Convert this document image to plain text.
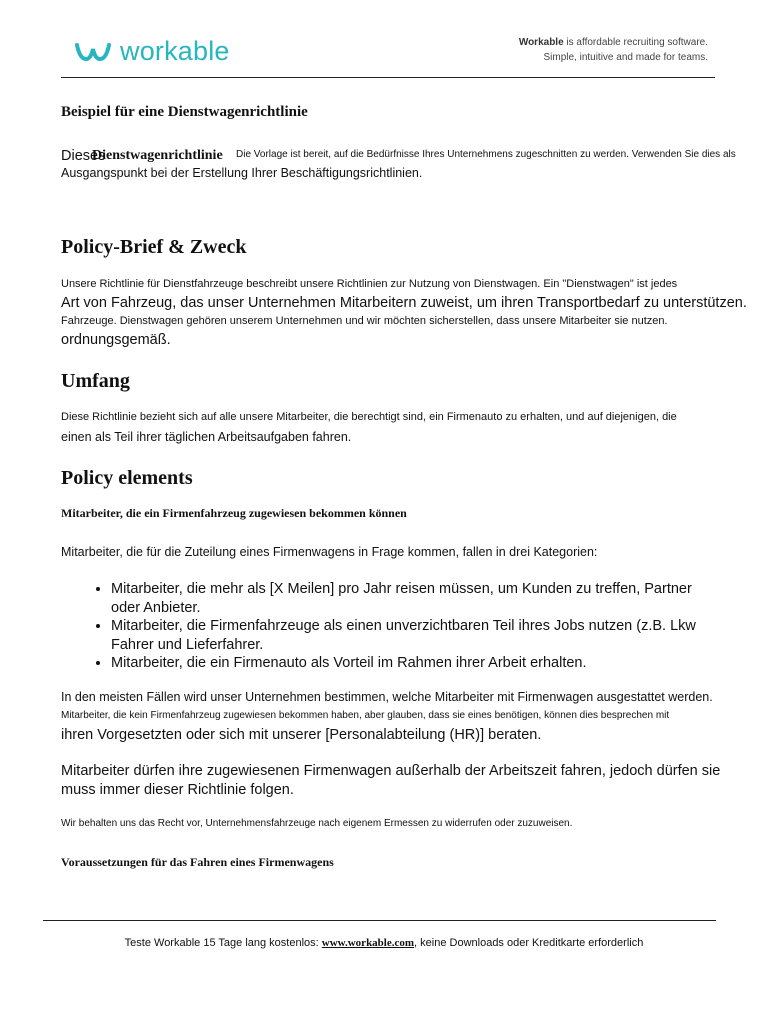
workable	Workable is affordable recruiting software.
Simple, intuitive and made for teams.
Beispiel für eine Dienstwagenrichtlinie
Dieses
Dienstwagenrichtlinie Die Vorlage ist bereit, auf die Bedürfnisse Ihres Unternehmens zugeschnitten zu werden. Verwenden Sie dies als
Ausgangspunkt bei der Erstellung Ihrer Beschäftigungsrichtlinien.
Policy-Brief & Zweck
Unsere Richtlinie für Dienstfahrzeuge beschreibt unsere Richtlinien zur Nutzung von Dienstwagen. Ein "Dienstwagen" ist jedes
Art von Fahrzeug, das unser Unternehmen Mitarbeitern zuweist, um ihren Transportbedarf zu unterstützen.
Fahrzeuge. Dienstwagen gehören unserem Unternehmen und wir möchten sicherstellen, dass unsere Mitarbeiter sie nutzen.
ordnungsgemäß.
Umfang
Diese Richtlinie bezieht sich auf alle unsere Mitarbeiter, die berechtigt sind, ein Firmenauto zu erhalten, und auf diejenigen, die
einen als Teil ihrer täglichen Arbeitsaufgaben fahren.
Policy elements
Mitarbeiter, die ein Firmenfahrzeug zugewiesen bekommen können
Mitarbeiter, die für die Zuteilung eines Firmenwagens in Frage kommen, fallen in drei Kategorien:
• Mitarbeiter, die mehr als [X Meilen] pro Jahr reisen müssen, um Kunden zu treffen, Partner oder Anbieter.
• Mitarbeiter, die Firmenfahrzeuge als einen unverzichtbaren Teil ihres Jobs nutzen (z.B. Lkw Fahrer und Lieferfahrer.
• Mitarbeiter, die ein Firmenauto als Vorteil im Rahmen ihrer Arbeit erhalten.
In den meisten Fällen wird unser Unternehmen bestimmen, welche Mitarbeiter mit Firmenwagen ausgestattet werden.
Mitarbeiter, die kein Firmenfahrzeug zugewiesen bekommen haben, aber glauben, dass sie eines benötigen, können dies besprechen mit
ihren Vorgesetzten oder sich mit unserer [Personalabteilung (HR)] beraten.
Mitarbeiter dürfen ihre zugewiesenen Firmenwagen außerhalb der Arbeitszeit fahren, jedoch dürfen sie
muss immer dieser Richtlinie folgen.
Wir behalten uns das Recht vor, Unternehmensfahrzeuge nach eigenem Ermessen zu widerrufen oder zuzuweisen.
Voraussetzungen für das Fahren eines Firmenwagens
Teste Workable 15 Tage lang kostenlos: www.workable.com, keine Downloads oder Kreditkarte erforderlich
